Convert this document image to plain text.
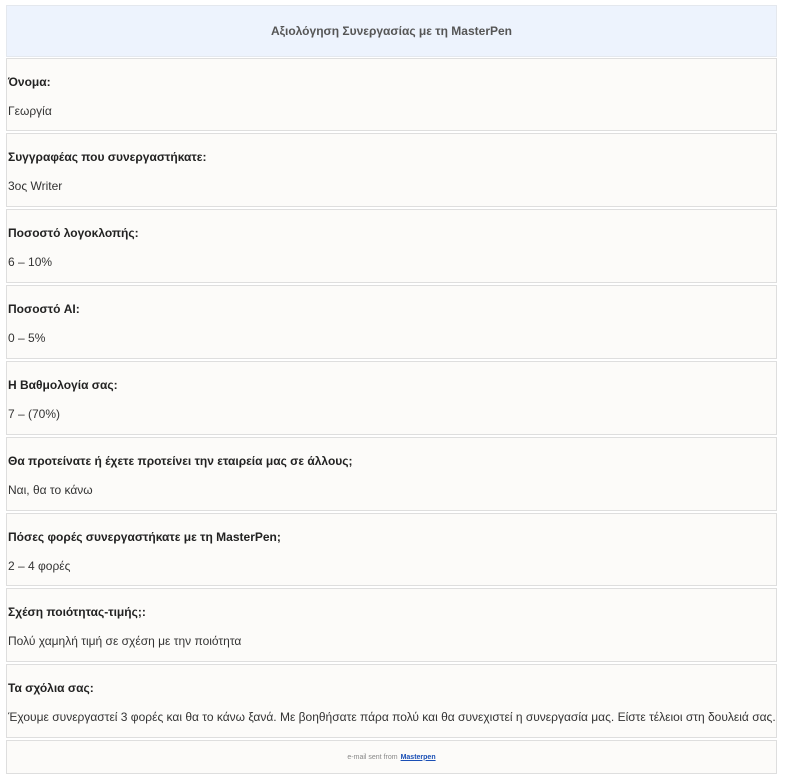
Αξιολόγηση Συνεργασίας με τη MasterPen
Όνομα:
Γεωργία
Συγγραφέας που συνεργαστήκατε:
3ος Writer
Ποσοστό λογοκλοπής:
6 – 10%
Ποσοστό AI:
0 – 5%
Η Βαθμολογία σας:
7 – (70%)
Θα προτείνατε ή έχετε προτείνει την εταιρεία μας σε άλλους;
Ναι, θα το κάνω
Πόσες φορές συνεργαστήκατε με τη MasterPen;
2 – 4 φορές
Σχέση ποιότητας-τιμής;:
Πολύ χαμηλή τιμή σε σχέση με την ποιότητα
Τα σχόλια σας:
Έχουμε συνεργαστεί 3 φορές και θα το κάνω ξανά. Με βοηθήσατε πάρα πολύ και θα συνεχιστεί η συνεργασία μας. Είστε τέλειοι στη δουλειά σας.
e-mail sent from Masterpen
